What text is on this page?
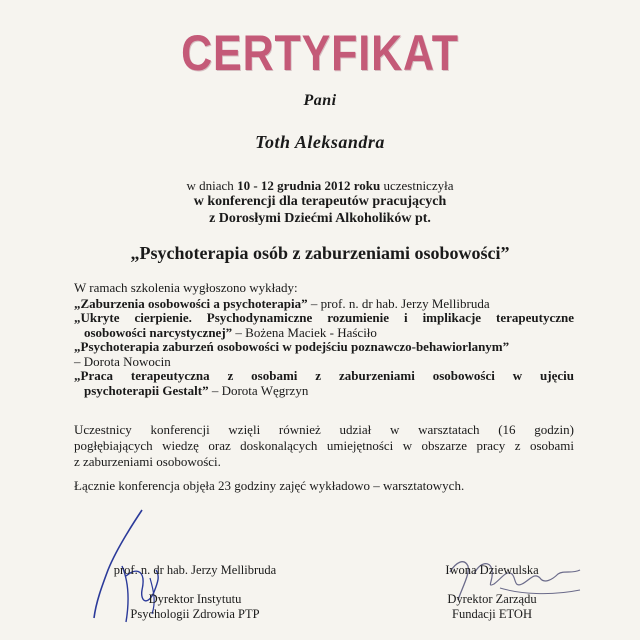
CERTYFIKAT
Pani
Toth Aleksandra
w dniach 10 - 12 grudnia 2012 roku uczestniczyła
w konferencji dla terapeutów pracujących
z Dorosłymi Dziećmi Alkoholików pt.
„Psychoterapia osób z zaburzeniami osobowości”
W ramach szkolenia wygłoszono wykłady:
„Zaburzenia osobowości a psychoterapia” – prof. n. dr hab. Jerzy Mellibruda
„Ukryte cierpienie. Psychodynamiczne rozumienie i implikacje terapeutyczne
osobowości narcystycznej” – Bożena Maciek - Haściło
„Psychoterapia zaburzeń osobowości w podejściu poznawczo-behawiorlanym”
– Dorota Nowocin
„Praca terapeutyczna z osobami z zaburzeniami osobowości w ujęciu
psychoterapii Gestalt” – Dorota Węgrzyn
Uczestnicy konferencji wzięli również udział w warsztatach (16 godzin)
pogłębiających wiedzę oraz doskonalących umiejętności w obszarze pracy z osobami
z zaburzeniami osobowości.
Łącznie konferencja objęła 23 godziny zajęć wykładowo – warsztatowych.
prof. n. dr hab. Jerzy Mellibruda
Dyrektor Instytutu
Psychologii Zdrowia PTP
Iwona Dziewulska
Dyrektor Zarządu
Fundacji ETOH
